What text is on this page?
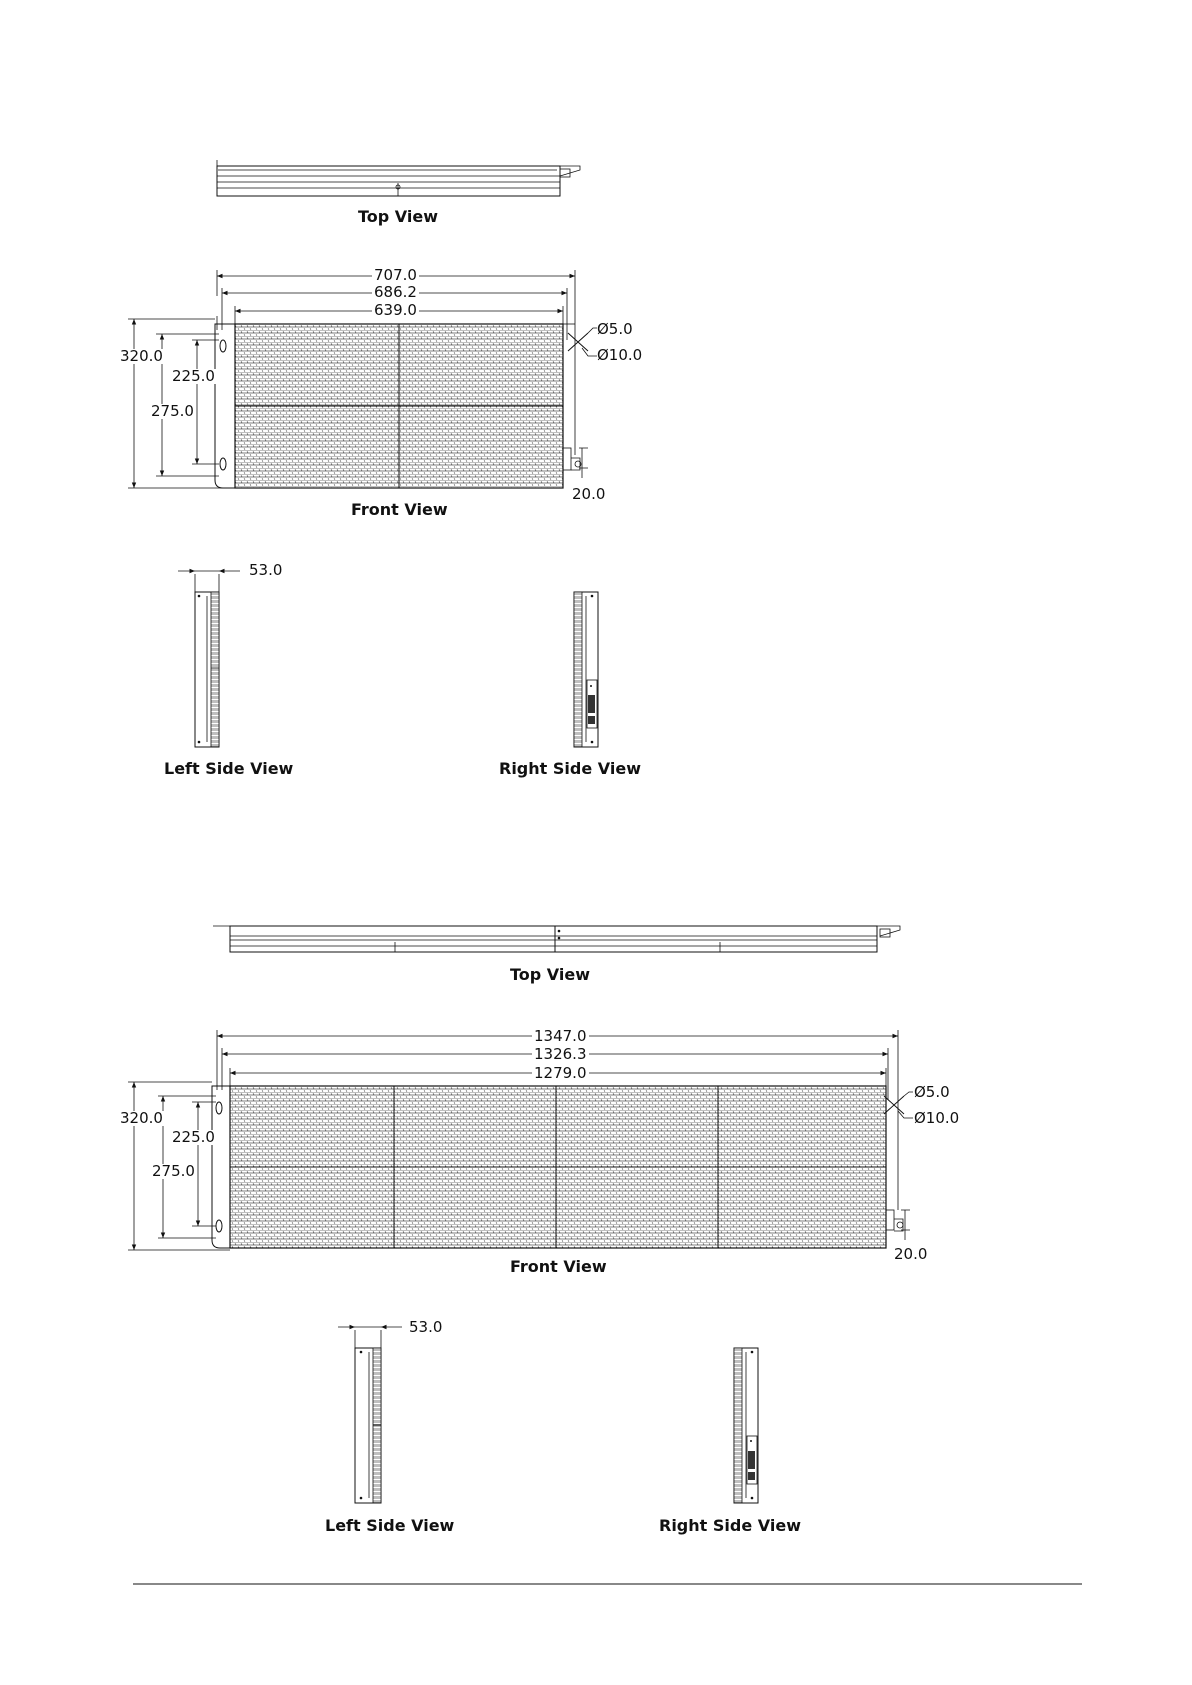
Top View
707.0
686.2
639.0
Ø5.0
Ø10.0
320.0
225.0
275.0
20.0
Front View
53.0
Left Side View	Right Side View
Top View
1347.0
1326.3
1279.0
Ø5.0
Ø10.0
320.0
225.0
275.0
20.0
Front View
53.0
Left Side View	Right Side View
